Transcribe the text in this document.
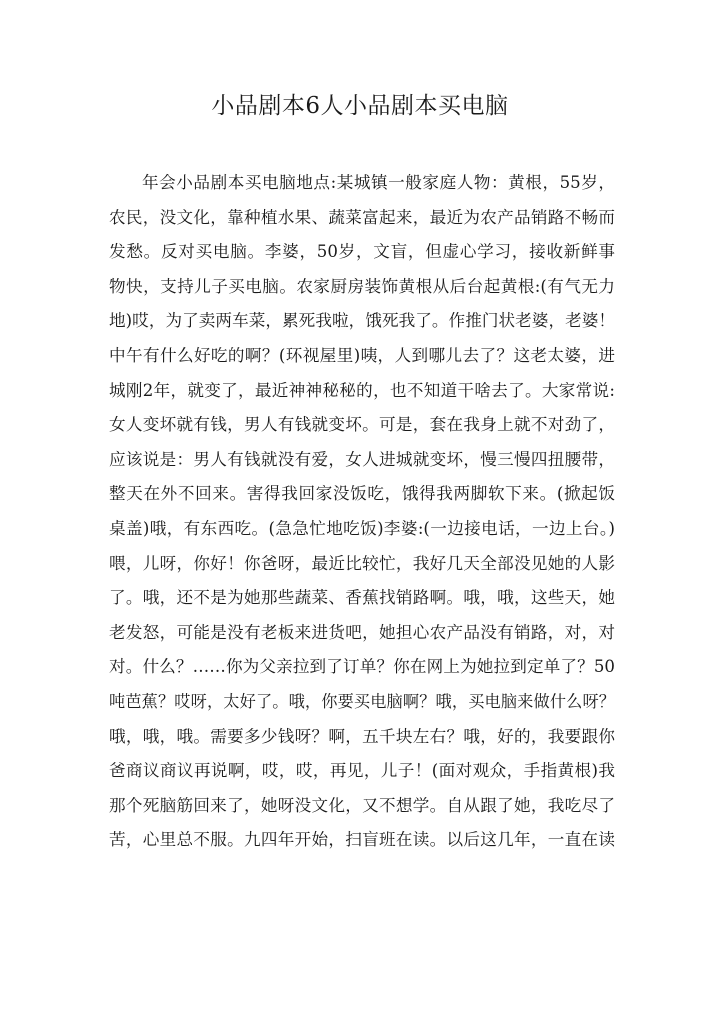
小品剧本6人小品剧本买电脑
年会小品剧本买电脑地点:某城镇一般家庭人物：黄根，55岁，
农民，没文化，靠种植水果、蔬菜富起来，最近为农产品销路不畅而
发愁。反对买电脑。李婆，50岁，文盲，但虚心学习，接收新鲜事
物快，支持儿子买电脑。农家厨房装饰黄根从后台起黄根:(有气无力
地)哎，为了卖两车菜，累死我啦，饿死我了。作推门状老婆，老婆！
中午有什么好吃的啊？(环视屋里)咦，人到哪儿去了？这老太婆，进
城刚2年，就变了，最近神神秘秘的，也不知道干啥去了。大家常说:
女人变坏就有钱，男人有钱就变坏。可是，套在我身上就不对劲了，
应该说是：男人有钱就没有爱，女人进城就变坏，慢三慢四扭腰带，
整天在外不回来。害得我回家没饭吃，饿得我两脚软下来。(掀起饭
桌盖)哦，有东西吃。(急急忙地吃饭)李婆:(一边接电话，一边上台。)
喂，儿呀，你好！你爸呀，最近比较忙，我好几天全部没见她的人影
了。哦，还不是为她那些蔬菜、香蕉找销路啊。哦，哦，这些天，她
老发怒，可能是没有老板来进货吧，她担心农产品没有销路，对，对
对。什么？……你为父亲拉到了订单？你在网上为她拉到定单了？50
吨芭蕉？哎呀，太好了。哦，你要买电脑啊？哦，买电脑来做什么呀？
哦，哦，哦。需要多少钱呀？啊，五千块左右？哦，好的，我要跟你
爸商议商议再说啊，哎，哎，再见，儿子！(面对观众，手指黄根)我
那个死脑筋回来了，她呀没文化，又不想学。自从跟了她，我吃尽了
苦，心里总不服。九四年开始，扫盲班在读。以后这几年，一直在读
